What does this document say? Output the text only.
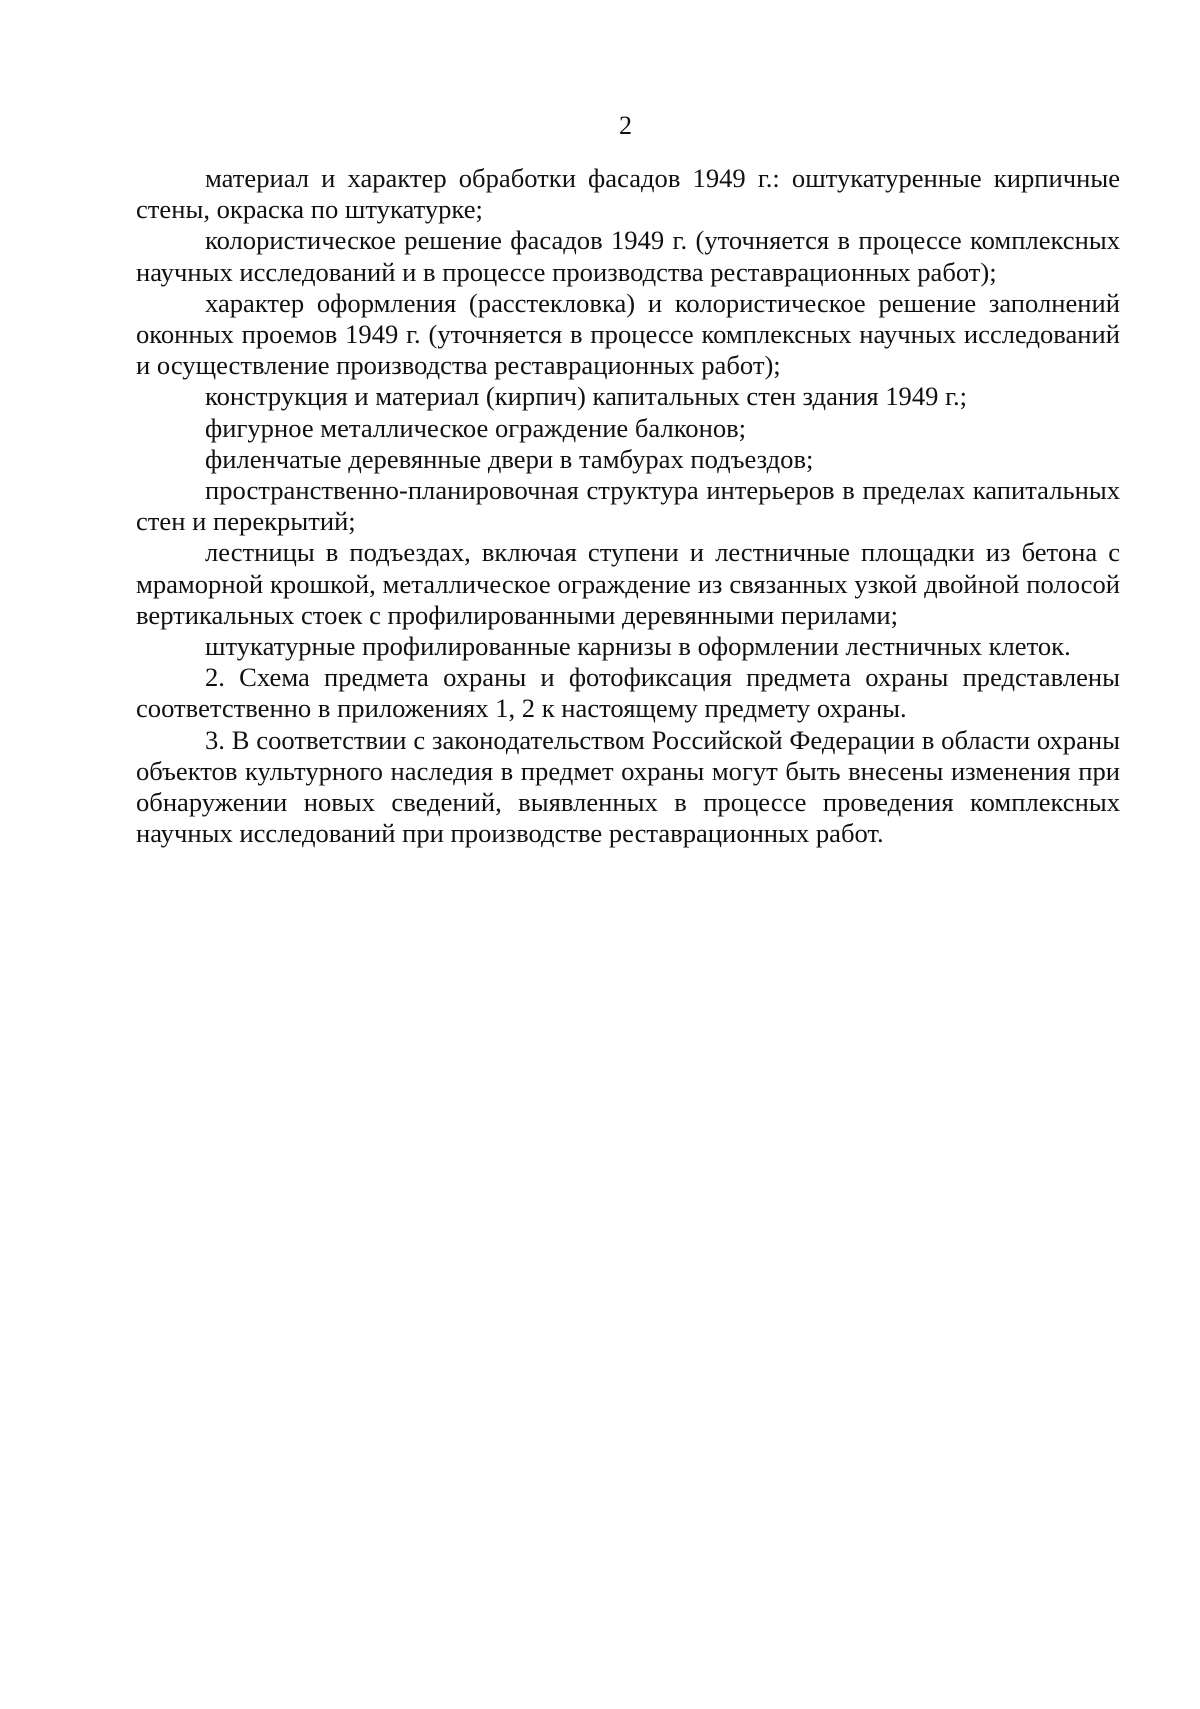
2

материал и характер обработки фасадов 1949 г.: оштукатуренные кирпичные стены, окраска по штукатурке;

колористическое решение фасадов 1949 г. (уточняется в процессе комплексных научных исследований и в процессе производства реставрационных работ);

характер оформления (расстекловка) и колористическое решение заполнений оконных проемов 1949 г. (уточняется в процессе комплексных научных исследований и осуществление производства реставрационных работ);

конструкция и материал (кирпич) капитальных стен здания 1949 г.;

фигурное металлическое ограждение балконов;

филенчатые деревянные двери в тамбурах подъездов;

пространственно-планировочная структура интерьеров в пределах капитальных стен и перекрытий;

лестницы в подъездах, включая ступени и лестничные площадки из бетона с мраморной крошкой, металлическое ограждение из связанных узкой двойной полосой вертикальных стоек с профилированными деревянными перилами;

штукатурные профилированные карнизы в оформлении лестничных клеток.

2. Схема предмета охраны и фотофиксация предмета охраны представлены соответственно в приложениях 1, 2 к настоящему предмету охраны.

3. В соответствии с законодательством Российской Федерации в области охраны объектов культурного наследия в предмет охраны могут быть внесены изменения при обнаружении новых сведений, выявленных в процессе проведения комплексных научных исследований при производстве реставрационных работ.
